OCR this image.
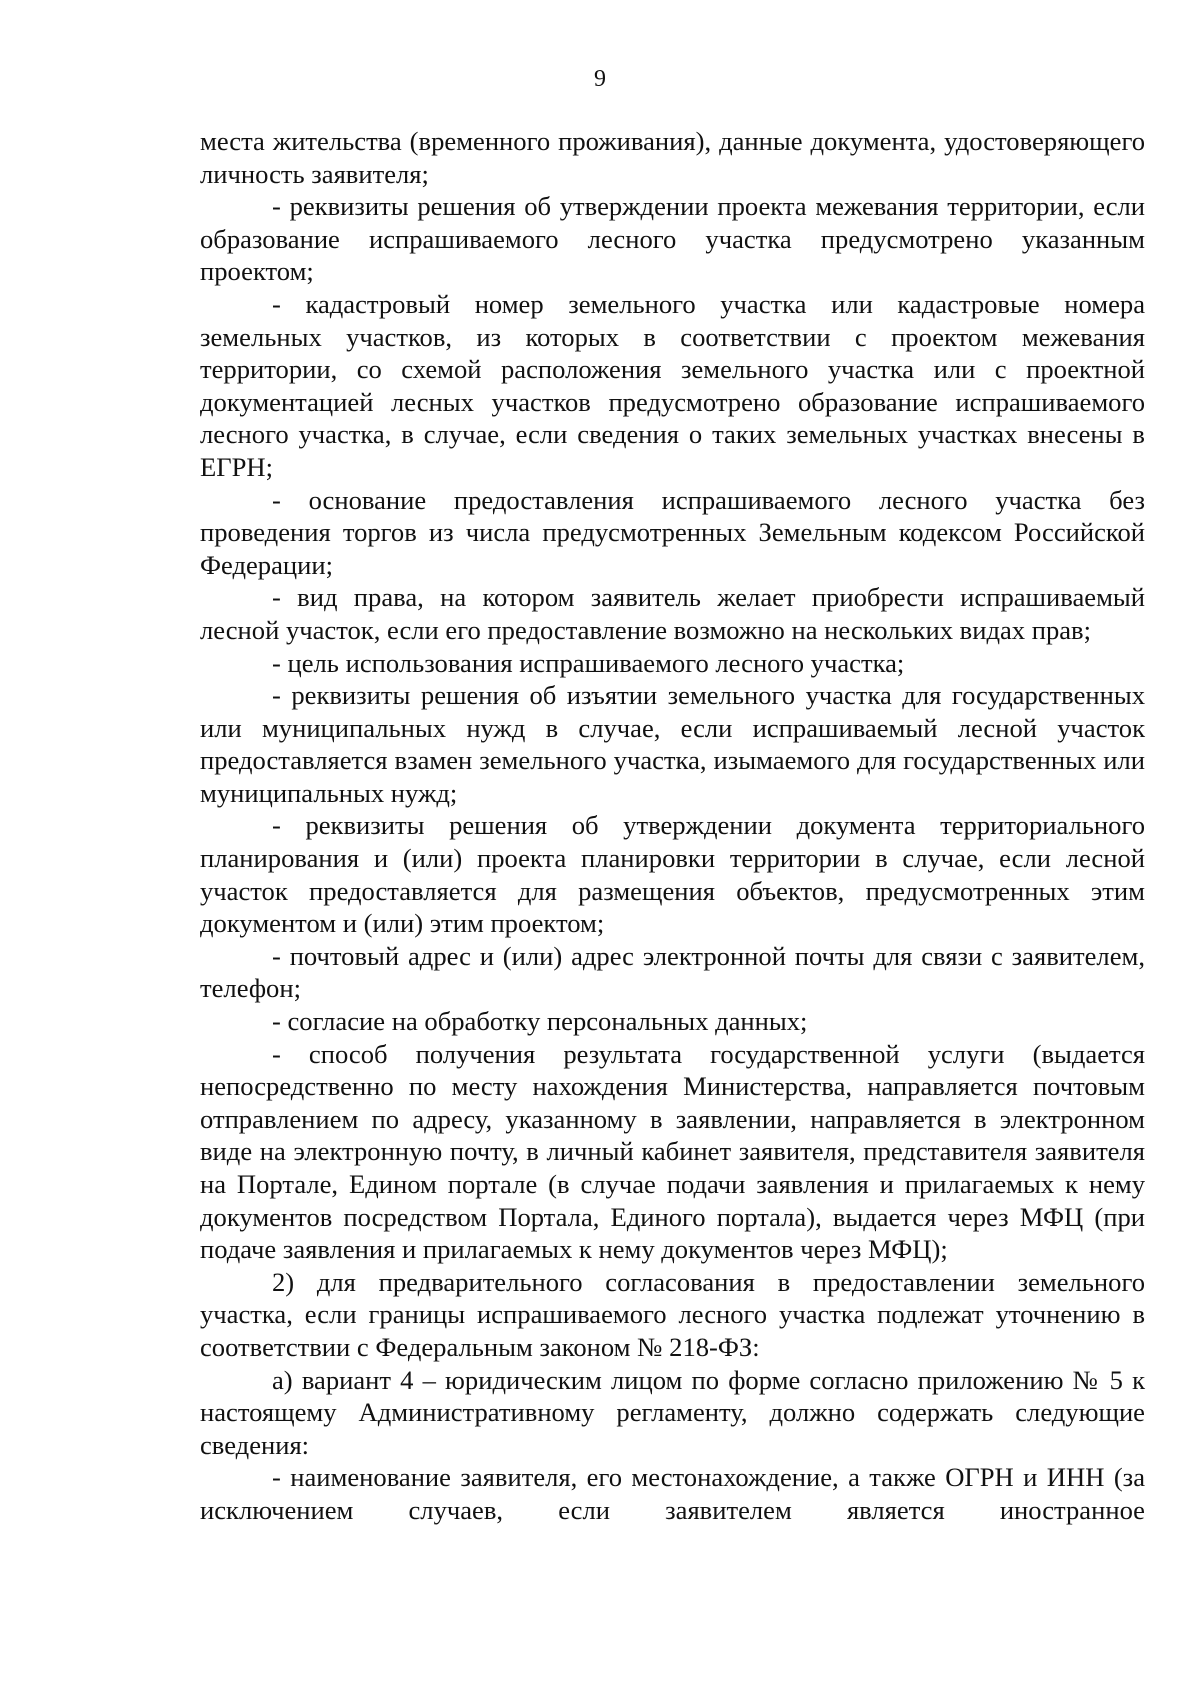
9

места жительства (временного проживания), данные документа, удостоверяющего личность заявителя;

- реквизиты решения об утверждении проекта межевания территории, если образование испрашиваемого лесного участка предусмотрено указанным проектом;

- кадастровый номер земельного участка или кадастровые номера земельных участков, из которых в соответствии с проектом межевания территории, со схемой расположения земельного участка или с проектной документацией лесных участков предусмотрено образование испрашиваемого лесного участка, в случае, если сведения о таких земельных участках внесены в ЕГРН;

- основание предоставления испрашиваемого лесного участка без проведения торгов из числа предусмотренных Земельным кодексом Российской Федерации;

- вид права, на котором заявитель желает приобрести испрашиваемый лесной участок, если его предоставление возможно на нескольких видах прав;

- цель использования испрашиваемого лесного участка;

- реквизиты решения об изъятии земельного участка для государственных или муниципальных нужд в случае, если испрашиваемый лесной участок предоставляется взамен земельного участка, изымаемого для государственных или муниципальных нужд;

- реквизиты решения об утверждении документа территориального планирования и (или) проекта планировки территории в случае, если лесной участок предоставляется для размещения объектов, предусмотренных этим документом и (или) этим проектом;

- почтовый адрес и (или) адрес электронной почты для связи с заявителем, телефон;

- согласие на обработку персональных данных;

- способ получения результата государственной услуги (выдается непосредственно по месту нахождения Министерства, направляется почтовым отправлением по адресу, указанному в заявлении, направляется в электронном виде на электронную почту, в личный кабинет заявителя, представителя заявителя на Портале, Едином портале (в случае подачи заявления и прилагаемых к нему документов посредством Портала, Единого портала), выдается через МФЦ (при подаче заявления и прилагаемых к нему документов через МФЦ);

2) для предварительного согласования в предоставлении земельного участка, если границы испрашиваемого лесного участка подлежат уточнению в соответствии с Федеральным законом № 218-ФЗ:

а) вариант 4 – юридическим лицом по форме согласно приложению № 5 к настоящему Административному регламенту, должно содержать следующие сведения:

- наименование заявителя, его местонахождение, а также ОГРН и ИНН (за исключением случаев, если заявителем является иностранное
